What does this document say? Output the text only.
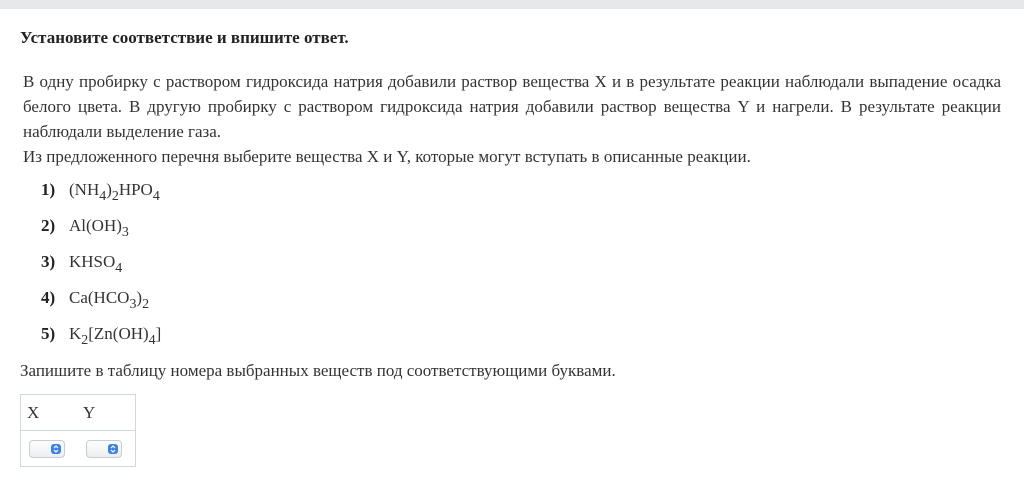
Установите соответствие и впишите ответ.

В одну пробирку с раствором гидроксида натрия добавили раствор вещества X и в результате реакции наблюдали выпадение осадка белого цвета. В другую пробирку с раствором гидроксида натрия добавили раствор вещества Y и нагрели. В результате реакции наблюдали выделение газа.

Из предложенного перечня выберите вещества X и Y, которые могут вступать в описанные реакции.

1) $(NH_4)_2HPO_4$
2) $Al(OH)_3$
3) $KHSO_4$
4) $Ca(HCO_3)_2$
5) $K_2[Zn(OH)_4]$
Запишите в таблицу номера выбранных веществ под соответствующими буквами.
X	Y
